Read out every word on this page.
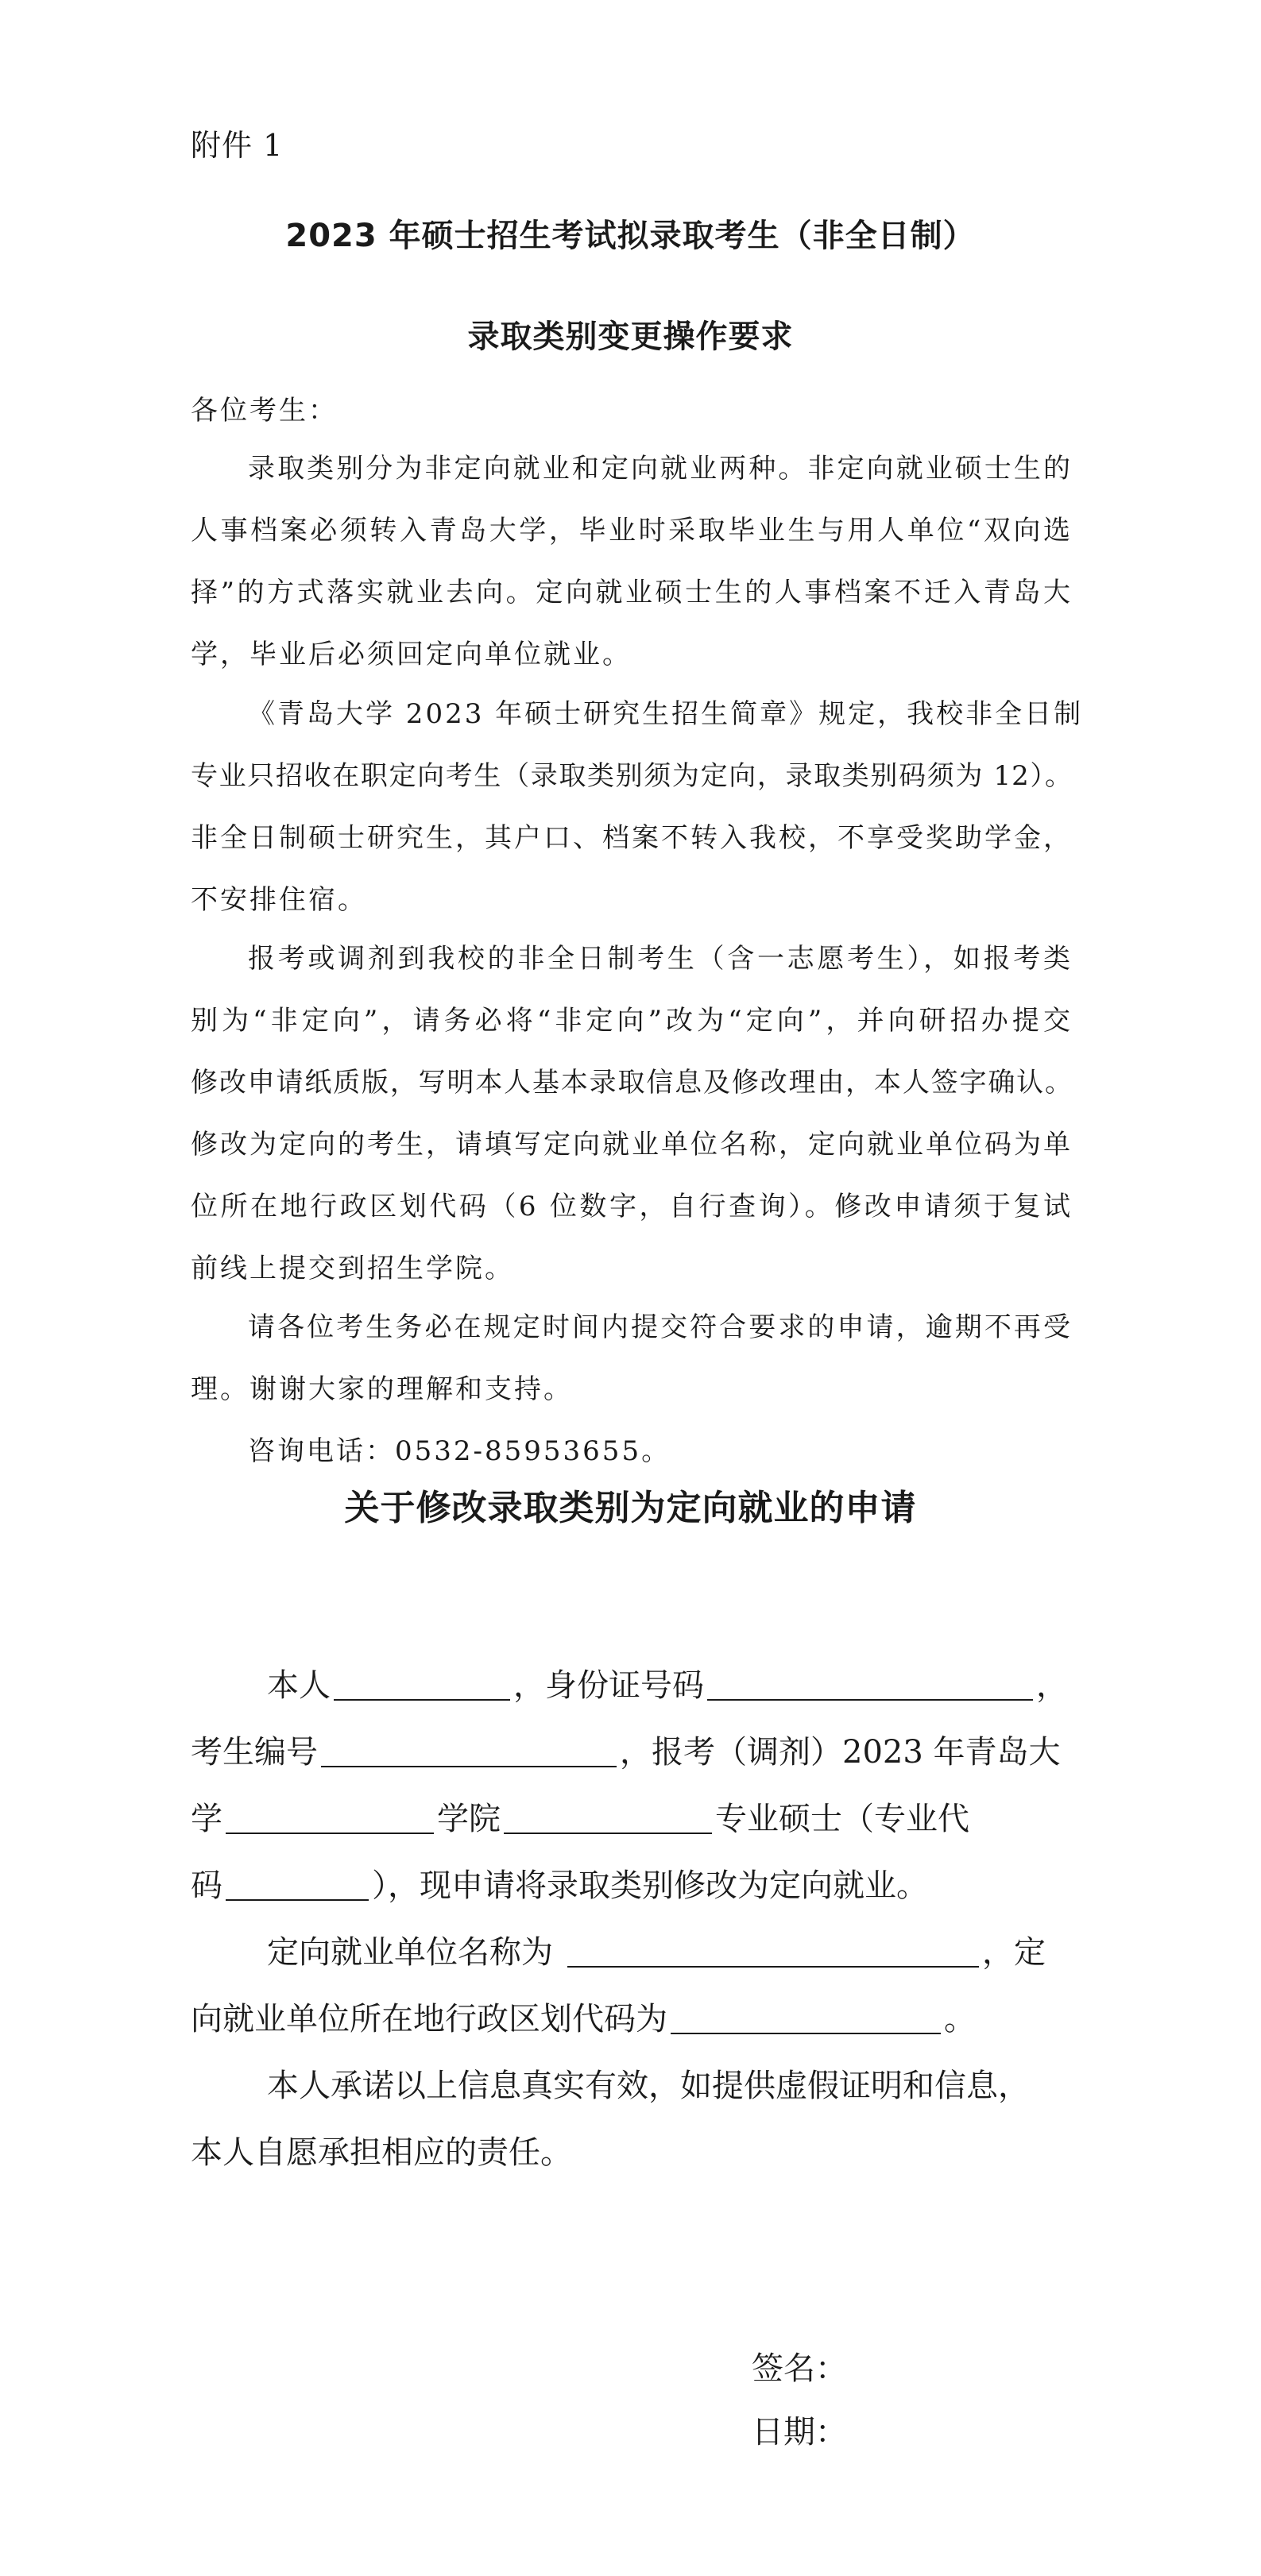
附件 1
2023 年硕士招生考试拟录取考生（非全日制）
录取类别变更操作要求
各位考生：
录取类别分为非定向就业和定向就业两种。非定向就业硕士生的
人事档案必须转入青岛大学，毕业时采取毕业生与用人单位“双向选
择”的方式落实就业去向。定向就业硕士生的人事档案不迁入青岛大
学，毕业后必须回定向单位就业。
《青岛大学 2023 年硕士研究生招生简章》规定，我校非全日制
专业只招收在职定向考生（录取类别须为定向，录取类别码须为 12）。
非全日制硕士研究生，其户口、档案不转入我校，不享受奖助学金，
不安排住宿。
报考或调剂到我校的非全日制考生（含一志愿考生），如报考类
别为“非定向”，请务必将“非定向”改为“定向”，并向研招办提交
修改申请纸质版，写明本人基本录取信息及修改理由，本人签字确认。
修改为定向的考生，请填写定向就业单位名称，定向就业单位码为单
位所在地行政区划代码（6 位数字，自行查询）。修改申请须于复试
前线上提交到招生学院。
请各位考生务必在规定时间内提交符合要求的申请，逾期不再受
理。谢谢大家的理解和支持。
咨询电话：0532-85953655。
关于修改录取类别为定向就业的申请
本人	，身份证号码	，
考生编号	，报考（调剂）2023 年青岛大
学	学院	专业硕士（专业代
码	），现申请将录取类别修改为定向就业。
定向就业单位名称为	，定
向就业单位所在地行政区划代码为	。
本人承诺以上信息真实有效，如提供虚假证明和信息，
本人自愿承担相应的责任。
签名：
日期：
